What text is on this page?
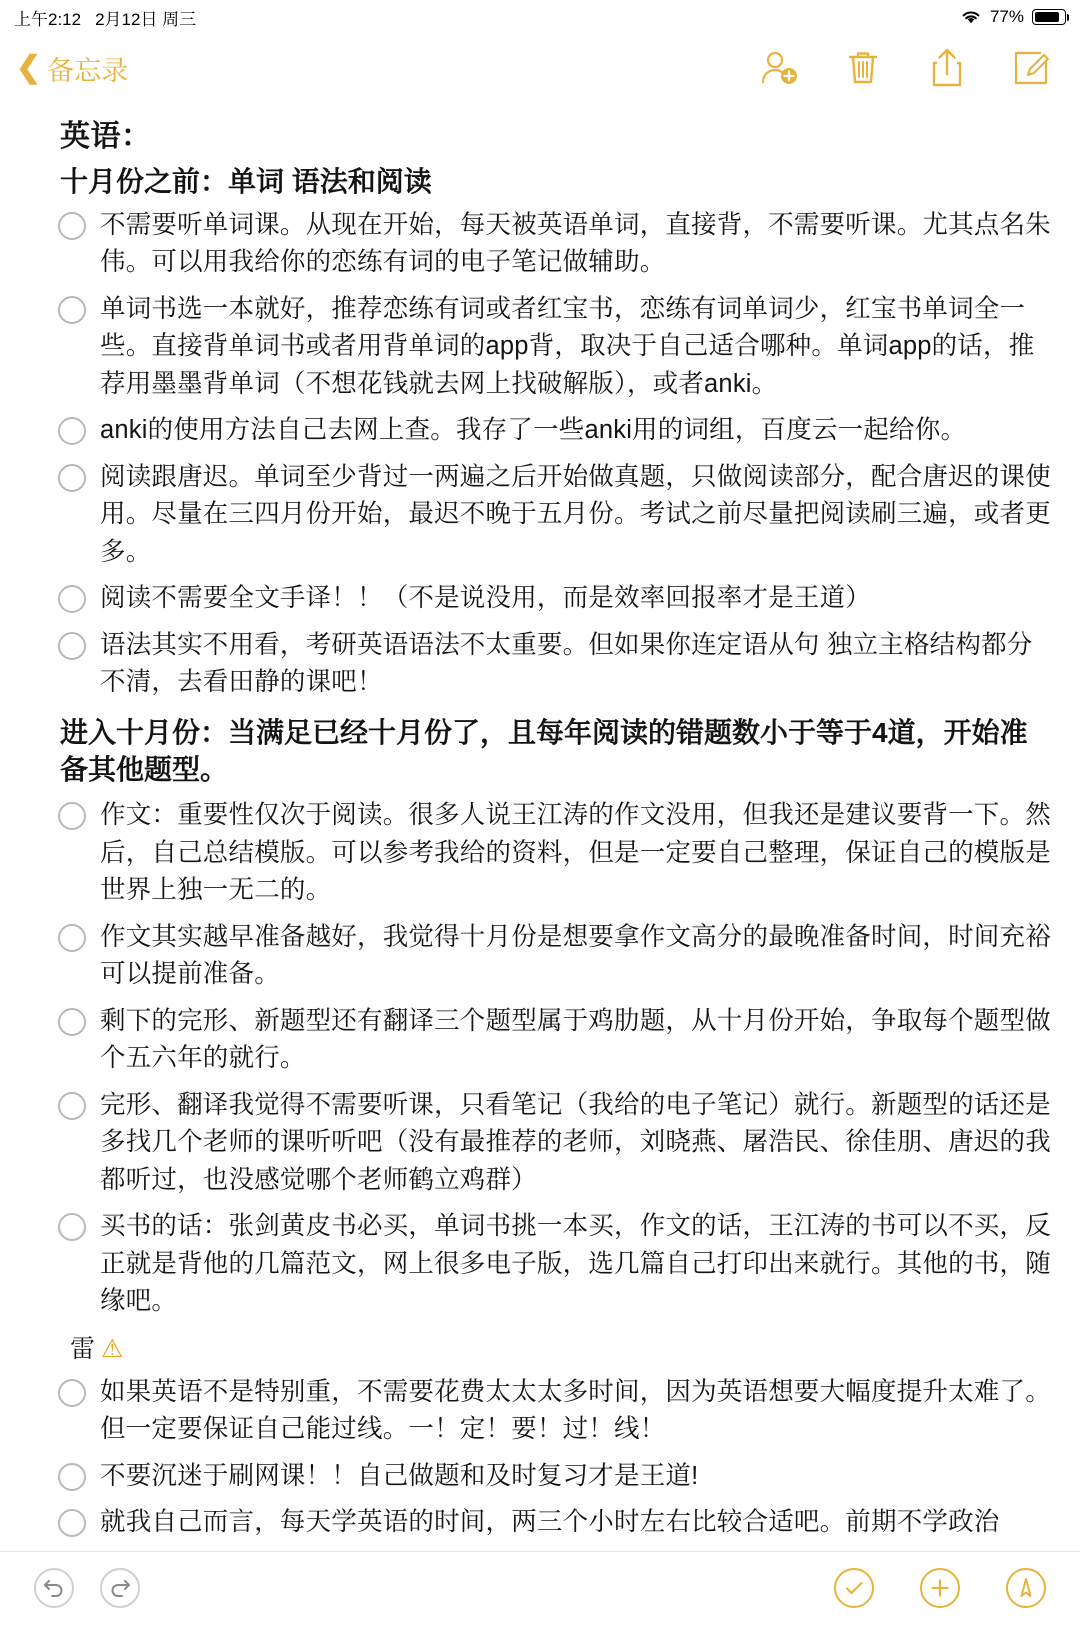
上午2:12 2月12日 周三	77%
❮ 备忘录
英语：
十月份之前：单词 语法和阅读
不需要听单词课。从现在开始，每天被英语单词，直接背，不需要听课。尤其点名朱伟。可以用我给你的恋练有词的电子笔记做辅助。
单词书选一本就好，推荐恋练有词或者红宝书，恋练有词单词少，红宝书单词全一些。直接背单词书或者用背单词的app背，取决于自己适合哪种。单词app的话，推荐用墨墨背单词（不想花钱就去网上找破解版），或者anki。
anki的使用方法自己去网上查。我存了一些anki用的词组，百度云一起给你。
阅读跟唐迟。单词至少背过一两遍之后开始做真题，只做阅读部分，配合唐迟的课使用。尽量在三四月份开始，最迟不晚于五月份。考试之前尽量把阅读刷三遍，或者更多。
阅读不需要全文手译！！（不是说没用，而是效率回报率才是王道）
语法其实不用看，考研英语语法不太重要。但如果你连定语从句 独立主格结构都分不清，去看田静的课吧！
进入十月份：当满足已经十月份了，且每年阅读的错题数小于等于4道，开始准备其他题型。
作文：重要性仅次于阅读。很多人说王江涛的作文没用，但我还是建议要背一下。然后，自己总结模版。可以参考我给的资料，但是一定要自己整理，保证自己的模版是世界上独一无二的。
作文其实越早准备越好，我觉得十月份是想要拿作文高分的最晚准备时间，时间充裕可以提前准备。
剩下的完形、新题型还有翻译三个题型属于鸡肋题，从十月份开始，争取每个题型做个五六年的就行。
完形、翻译我觉得不需要听课，只看笔记（我给的电子笔记）就行。新题型的话还是多找几个老师的课听听吧（没有最推荐的老师，刘晓燕、屠浩民、徐佳朋、唐迟的我都听过，也没感觉哪个老师鹤立鸡群）
买书的话：张剑黄皮书必买，单词书挑一本买，作文的话，王江涛的书可以不买，反正就是背他的几篇范文，网上很多电子版，选几篇自己打印出来就行。其他的书，随缘吧。
雷 ⚠
如果英语不是特别重，不需要花费太太太多时间，因为英语想要大幅度提升太难了。但一定要保证自己能过线。一！定！要！过！线！
不要沉迷于刷网课！！自己做题和及时复习才是王道!
就我自己而言，每天学英语的时间，两三个小时左右比较合适吧。前期不学政治
